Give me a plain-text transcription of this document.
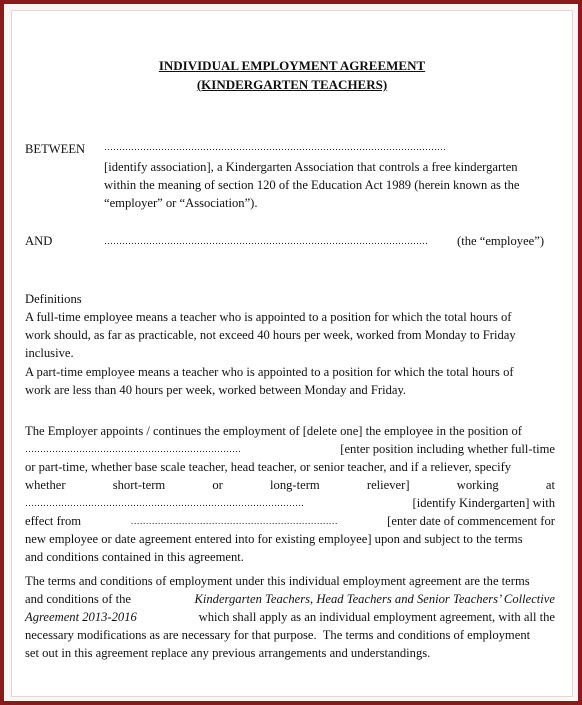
INDIVIDUAL EMPLOYMENT AGREEMENT
(KINDERGARTEN TEACHERS)
BETWEEN ……………………………………………………………………………………………………
[identify association], a Kindergarten Association that controls a free kindergarten
within the meaning of section 120 of the Education Act 1989 (herein known as the
“employer” or “Association”).
AND	………………………………………………………………………………………………	(the “employee”)
Definitions
A full-time employee means a teacher who is appointed to a position for which the total hours of
work should, as far as practicable, not exceed 40 hours per week, worked from Monday to Friday
inclusive.
A part-time employee means a teacher who is appointed to a position for which the total hours of
work are less than 40 hours per week, worked between Monday and Friday.
The Employer appoints / continues the employment of [delete one] the employee in the position of
………………………………………………………………	[enter position including whether full-time
or part-time, whether base scale teacher, head teacher, or senior teacher, and if a reliever, specify
whether	short-term	or	long-term	reliever]	working	at
…………………………………………………………………………………	[identify Kindergarten] with
effect from	……………………………………………………………	[enter date of commencement for
new employee or date agreement entered into for existing employee] upon and subject to the terms
and conditions contained in this agreement.
The terms and conditions of employment under this individual employment agreement are the terms
and conditions of the	Kindergarten Teachers, Head Teachers and Senior Teachers’ Collective
Agreement 2013-2016	which shall apply as an individual employment agreement, with all the
necessary modifications as are necessary for that purpose.  The terms and conditions of employment
set out in this agreement replace any previous arrangements and understandings.
